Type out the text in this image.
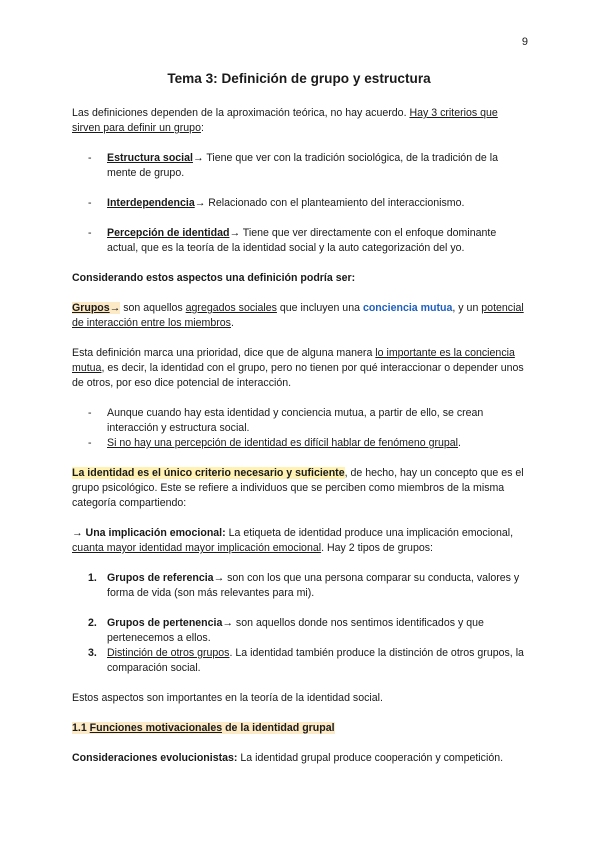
9
Tema 3: Definición de grupo y estructura

Las definiciones dependen de la aproximación teórica, no hay acuerdo. Hay 3 criterios que sirven para definir un grupo:

- Estructura social→ Tiene que ver con la tradición sociológica, de la tradición de la mente de grupo.
- Interdependencia→ Relacionado con el planteamiento del interaccionismo.
- Percepción de identidad→ Tiene que ver directamente con el enfoque dominante actual, que es la teoría de la identidad social y la auto categorización del yo.

Considerando estos aspectos una definición podría ser:

Grupos→ son aquellos agregados sociales que incluyen una conciencia mutua, y un potencial de interacción entre los miembros.

Esta definición marca una prioridad, dice que de alguna manera lo importante es la conciencia mutua, es decir, la identidad con el grupo, pero no tienen por qué interaccionar o depender unos de otros, por eso dice potencial de interacción.

- Aunque cuando hay esta identidad y conciencia mutua, a partir de ello, se crean interacción y estructura social.
- Si no hay una percepción de identidad es difícil hablar de fenómeno grupal.

La identidad es el único criterio necesario y suficiente, de hecho, hay un concepto que es el grupo psicológico. Este se refiere a individuos que se perciben como miembros de la misma categoría compartiendo:

→ Una implicación emocional: La etiqueta de identidad produce una implicación emocional, cuanta mayor identidad mayor implicación emocional. Hay 2 tipos de grupos:

1. Grupos de referencia→ son con los que una persona comparar su conducta, valores y forma de vida (son más relevantes para mi).
2. Grupos de pertenencia→ son aquellos donde nos sentimos identificados y que pertenecemos a ellos.
3. Distinción de otros grupos. La identidad también produce la distinción de otros grupos, la comparación social.

Estos aspectos son importantes en la teoría de la identidad social.

1.1 Funciones motivacionales de la identidad grupal

Consideraciones evolucionistas: La identidad grupal produce cooperación y competición.
